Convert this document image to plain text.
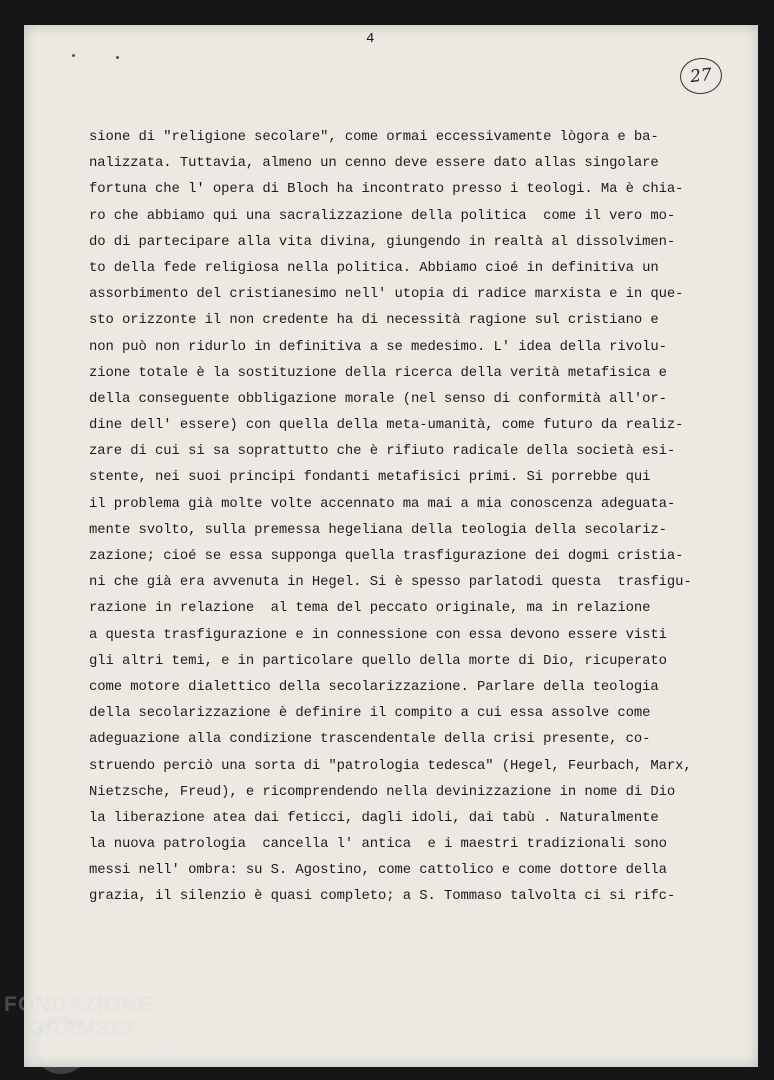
4
27
sione di "religione secolare", come ormai eccessivamente lògora e ba-
nalizzata. Tuttavia, almeno un cenno deve essere dato allas singolare
fortuna che l' opera di Bloch ha incontrato presso i teologi. Ma è chia-
ro che abbiamo qui una sacralizzazione della politica  come il vero mo-
do di partecipare alla vita divina, giungendo in realtà al dissolvimen-
to della fede religiosa nella politica. Abbiamo cioé in definitiva un
assorbimento del cristianesimo nell' utopia di radice marxista e in que-
sto orizzonte il non credente ha di necessità ragione sul cristiano e
non può non ridurlo in definitiva a se medesimo. L' idea della rivolu-
zione totale è la sostituzione della ricerca della verità metafisica e
della conseguente obbligazione morale (nel senso di conformità all'or-
dine dell' essere) con quella della meta-umanità, come futuro da realiz-
zare di cui si sa soprattutto che è rifiuto radicale della società esi-
stente, nei suoi principi fondanti metafisici primi. Si porrebbe qui
il problema già molte volte accennato ma mai a mia conoscenza adeguata-
mente svolto, sulla premessa hegeliana della teologia della secolariz-
zazione; cioé se essa supponga quella trasfigurazione dei dogmi cristia-
ni che già era avvenuta in Hegel. Si è spesso parlatodi questa  trasfigu-
razione in relazione  al tema del peccato originale, ma in relazione
a questa trasfigurazione e in connessione con essa devono essere visti
gli altri temi, e in particolare quello della morte di Dio, ricuperato
come motore dialettico della secolarizzazione. Parlare della teologia
della secolarizzazione è definire il compito a cui essa assolve come
adeguazione alla condizione trascendentale della crisi presente, co-
struendo perciò una sorta di "patrologia tedesca" (Hegel, Feurbach, Marx,
Nietzsche, Freud), e ricomprendendo nella devinizzazione in nome di Dio
la liberazione atea dai feticci, dagli idoli, dai tabù . Naturalmente
la nuova patrologia  cancella l' antica  e i maestri tradizionali sono
messi nell' ombra: su S. Agostino, come cattolico e come dottore della
grazia, il silenzio è quasi completo; a S. Tommaso talvolta ci si rifc-
FONDAZIONE
GRAMSCI
onlus
